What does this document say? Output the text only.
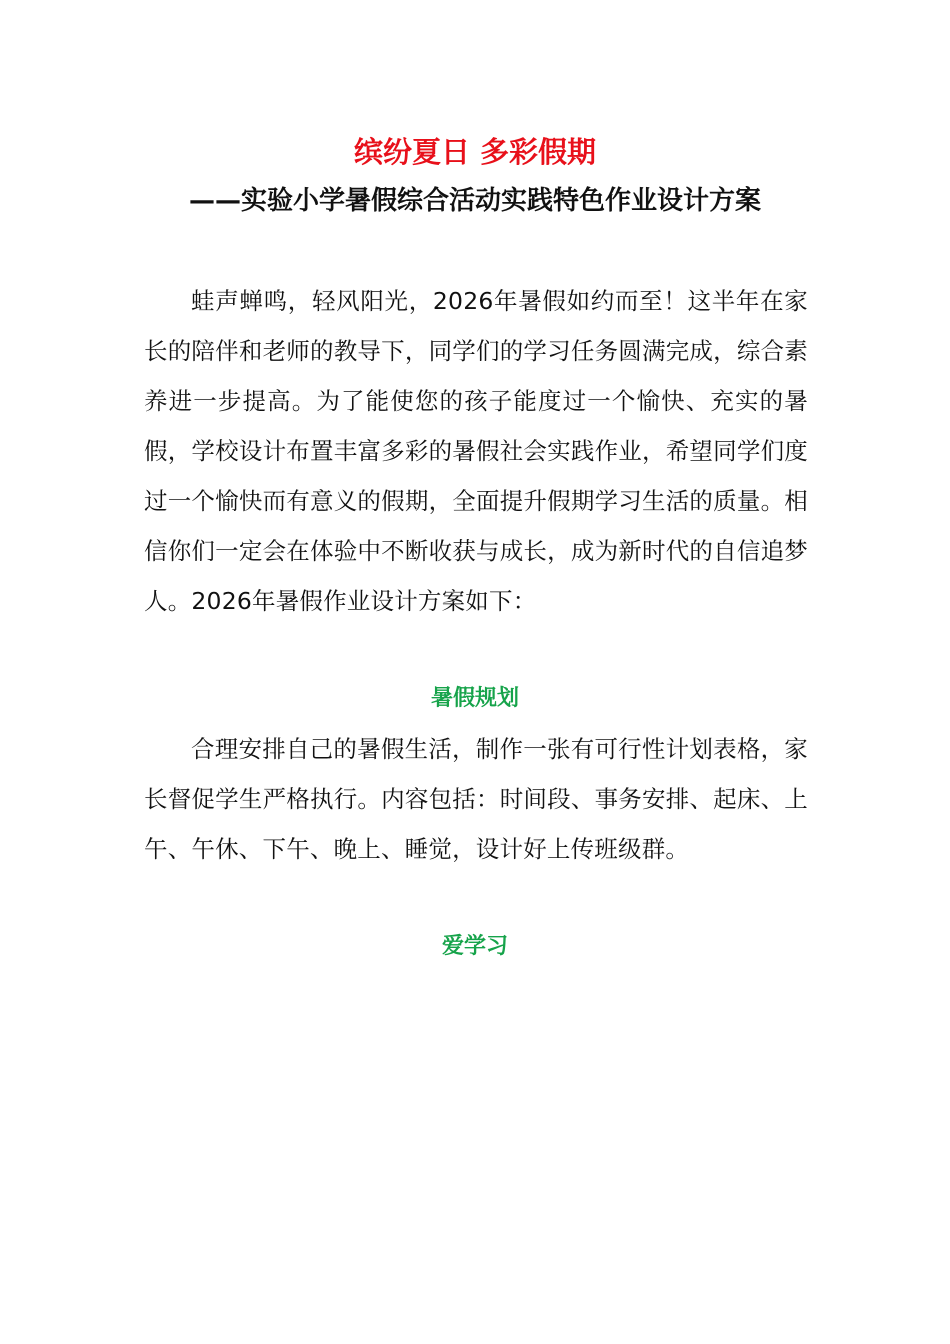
缤纷夏日 多彩假期
——实验小学暑假综合活动实践特色作业设计方案

蛙声蝉鸣，轻风阳光，2026年暑假如约而至！这半年在家长的陪伴和老师的教导下，同学们的学习任务圆满完成，综合素养进一步提高。为了能使您的孩子能度过一个愉快、充实的暑假，学校设计布置丰富多彩的暑假社会实践作业，希望同学们度过一个愉快而有意义的假期，全面提升假期学习生活的质量。相信你们一定会在体验中不断收获与成长，成为新时代的自信追梦人。2026年暑假作业设计方案如下：

暑假规划

合理安排自己的暑假生活，制作一张有可行性计划表格，家长督促学生严格执行。内容包括：时间段、事务安排、起床、上午、午休、下午、晚上、睡觉，设计好上传班级群。

爱学习
